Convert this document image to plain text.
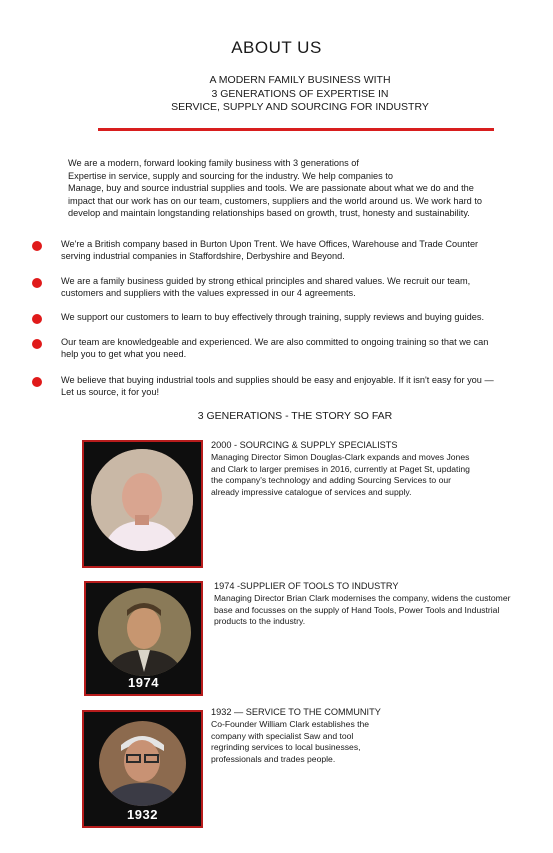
ABOUT US
A MODERN FAMILY BUSINESS WITH
3 GENERATIONS OF EXPERTISE IN
SERVICE, SUPPLY AND SOURCING FOR INDUSTRY
We are a modern, forward looking family business with 3 generations of
Expertise in service, supply and sourcing for the industry. We help companies to
Manage, buy and source industrial supplies and tools. We are passionate about what we do and the
impact that our work has on our team, customers, suppliers and the world around us. We work hard to
develop and maintain longstanding relationships based on growth, trust, honesty and sustainability.
We're a British company based in Burton Upon Trent. We have Offices, Warehouse and Trade Counter
serving industrial companies in Staffordshire, Derbyshire and Beyond.
We are a family business guided by strong ethical principles and shared values. We recruit our team,
customers and suppliers with the values expressed in our 4 agreements.
We support our customers to learn to buy effectively through training, supply reviews and buying guides.
Our team are knowledgeable and experienced. We are also committed to ongoing training so that we can
help you to get what you need.
We believe that buying industrial tools and supplies should be easy and enjoyable. If it isn't easy for you —
Let us source, it for you!
3 GENERATIONS - THE STORY SO FAR
2000 - SOURCING & SUPPLY SPECIALISTS
Managing Director Simon Douglas-Clark expands and moves Jones
and Clark to larger premises in 2016, currently at Paget St, updating
the company's technology and adding Sourcing Services to our
already impressive catalogue of services and supply.
1974
1974 -SUPPLIER OF TOOLS TO INDUSTRY
Managing Director Brian Clark modernises the company, widens the customer
base and focusses on the supply of Hand Tools, Power Tools and Industrial
products to the industry.
1932
1932 — SERVICE TO THE COMMUNITY
Co-Founder William Clark establishes the
company with specialist Saw and tool
regrinding services to local businesses,
professionals and trades people.
